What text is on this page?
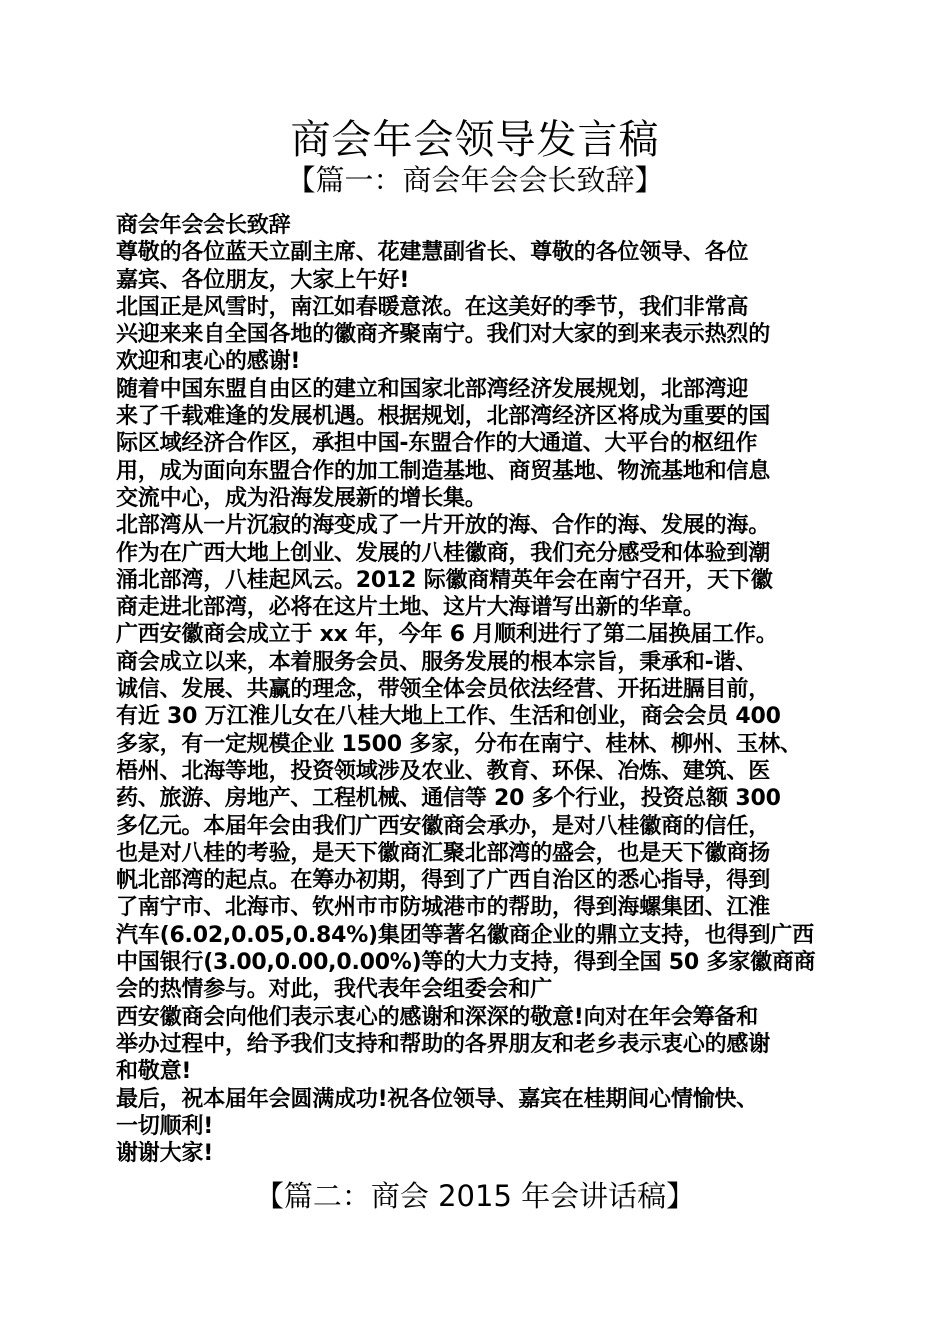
商会年会领导发言稿
【篇一：商会年会会长致辞】
商会年会会长致辞
尊敬的各位蓝天立副主席、花建慧副省长、尊敬的各位领导、各位
嘉宾、各位朋友，大家上午好!
北国正是风雪时，南江如春暖意浓。在这美好的季节，我们非常高
兴迎来来自全国各地的徽商齐聚南宁。我们对大家的到来表示热烈的
欢迎和衷心的感谢!
随着中国东盟自由区的建立和国家北部湾经济发展规划，北部湾迎
来了千载难逢的发展机遇。根据规划，北部湾经济区将成为重要的国
际区域经济合作区，承担中国-东盟合作的大通道、大平台的枢纽作
用，成为面向东盟合作的加工制造基地、商贸基地、物流基地和信息
交流中心，成为沿海发展新的增长集。
北部湾从一片沉寂的海变成了一片开放的海、合作的海、发展的海。
作为在广西大地上创业、发展的八桂徽商，我们充分感受和体验到潮
涌北部湾，八桂起风云。2012 际徽商精英年会在南宁召开，天下徽
商走进北部湾，必将在这片土地、这片大海谱写出新的华章。
广西安徽商会成立于 xx 年，今年 6 月顺利进行了第二届换届工作。
商会成立以来，本着服务会员、服务发展的根本宗旨，秉承和-谐、
诚信、发展、共赢的理念，带领全体会员依法经营、开拓进膈目前，
有近 30 万江淮儿女在八桂大地上工作、生活和创业，商会会员 400
多家，有一定规模企业 1500 多家，分布在南宁、桂林、柳州、玉林、
梧州、北海等地，投资领域涉及农业、教育、环保、冶炼、建筑、医
药、旅游、房地产、工程机械、通信等 20 多个行业，投资总额 300
多亿元。本届年会由我们广西安徽商会承办，是对八桂徽商的信任，
也是对八桂的考验，是天下徽商汇聚北部湾的盛会，也是天下徽商扬
帆北部湾的起点。在筹办初期，得到了广西自治区的悉心指导，得到
了南宁市、北海市、钦州市市防城港市的帮助，得到海螺集团、江淮
汽车(6.02,0.05,0.84%)集团等著名徽商企业的鼎立支持，也得到广西
中国银行(3.00,0.00,0.00%)等的大力支持，得到全国 50 多家徽商商
会的热情参与。对此，我代表年会组委会和广
西安徽商会向他们表示衷心的感谢和深深的敬意!向对在年会筹备和
举办过程中，给予我们支持和帮助的各界朋友和老乡表示衷心的感谢
和敬意!
最后，祝本届年会圆满成功!祝各位领导、嘉宾在桂期间心情愉快、
一切顺利!
谢谢大家!
【篇二：商会 2015 年会讲话稿】
